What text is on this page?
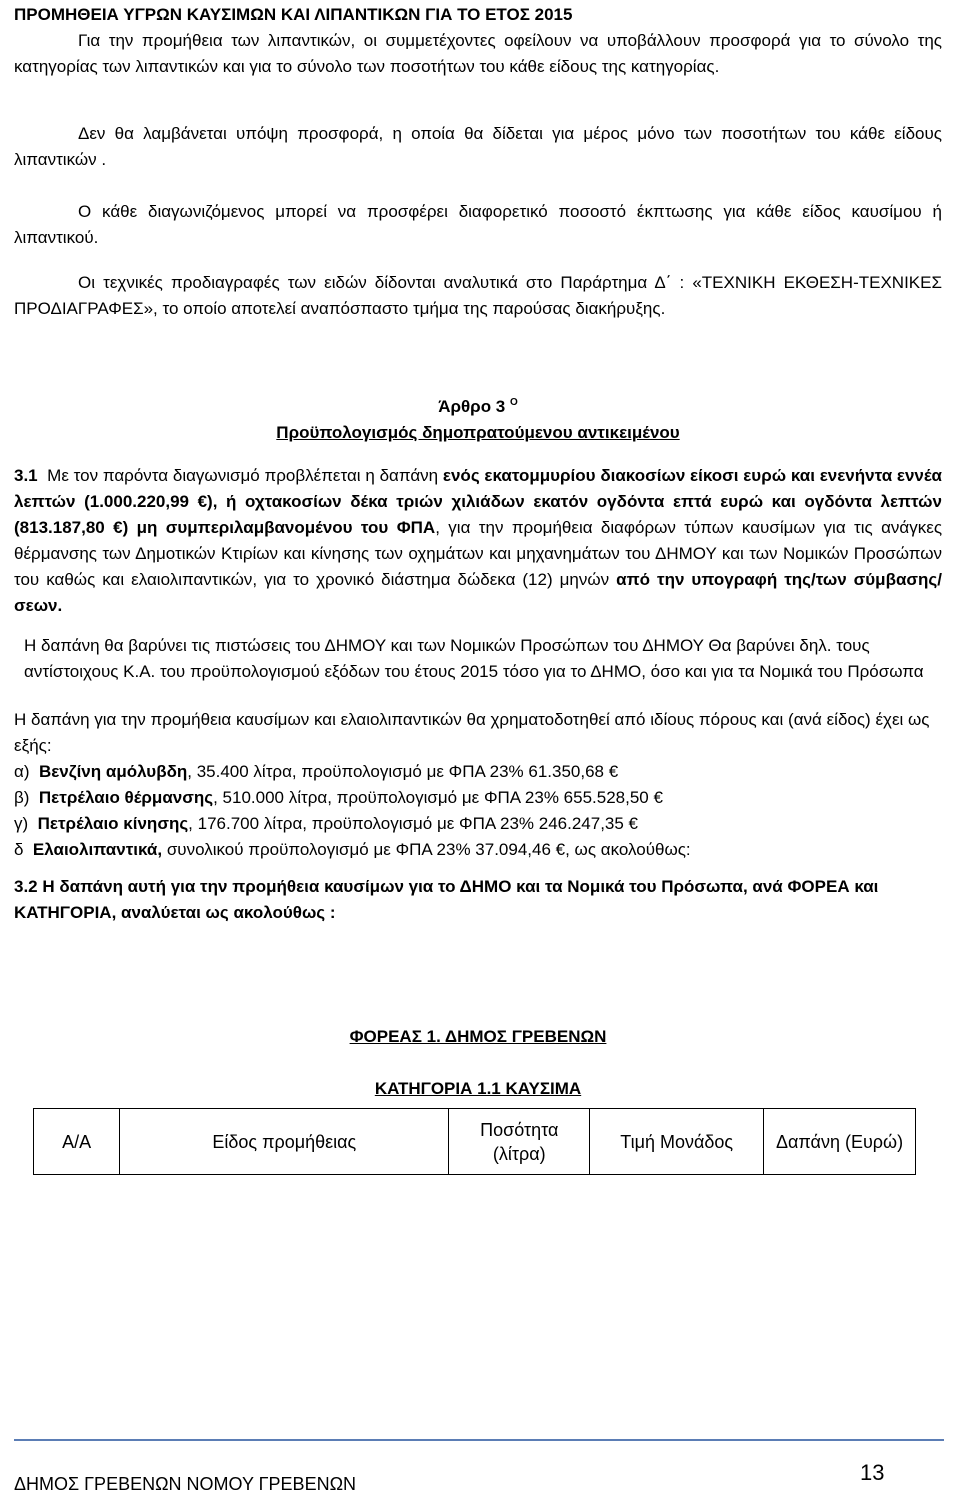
ΠΡΟΜΗΘΕΙΑ ΥΓΡΩΝ ΚΑΥΣΙΜΩΝ ΚΑΙ ΛΙΠΑΝΤΙΚΩΝ ΓΙΑ ΤΟ ΕΤΟΣ 2015
Για την προμήθεια των λιπαντικών, οι συμμετέχοντες οφείλουν να υποβάλλουν προσφορά για το σύνολο της κατηγορίας των λιπαντικών και για το σύνολο των ποσοτήτων του κάθε είδους της κατηγορίας.
Δεν θα λαμβάνεται υπόψη προσφορά, η οποία θα δίδεται για μέρος μόνο των ποσοτήτων του κάθε είδους λιπαντικών .
Ο κάθε διαγωνιζόμενος μπορεί να προσφέρει διαφορετικό ποσοστό έκπτωσης για κάθε είδος καυσίμου ή λιπαντικού.
Οι τεχνικές προδιαγραφές των ειδών δίδονται αναλυτικά στο Παράρτημα Δ΄ : «ΤΕΧΝΙΚΗ ΕΚΘΕΣΗ-ΤΕΧΝΙΚΕΣ ΠΡΟΔΙΑΓΡΑΦΕΣ», το οποίο αποτελεί αναπόσπαστο τμήμα της παρούσας διακήρυξης.
Άρθρο 3 $^O$
Προϋπολογισμός δημοπρατούμενου αντικειμένου
3.1 Με τον παρόντα διαγωνισμό προβλέπεται η δαπάνη ενός εκατομμυρίου διακοσίων είκοσι ευρώ και ενενήντα εννέα λεπτών (1.000.220,99 €), ή οχτακοσίων δέκα τριών χιλιάδων εκατόν ογδόντα επτά ευρώ και ογδόντα λεπτών (813.187,80 €) μη συμπεριλαμβανομένου του ΦΠΑ, για την προμήθεια διαφόρων τύπων καυσίμων για τις ανάγκες θέρμανσης των Δημοτικών Κτιρίων και κίνησης των οχημάτων και μηχανημάτων του ΔΗΜΟΥ και των Νομικών Προσώπων του καθώς και ελαιολιπαντικών, για το χρονικό διάστημα δώδεκα (12) μηνών από την υπογραφή της/των σύμβασης/σεων.
Η δαπάνη θα βαρύνει τις πιστώσεις του ΔΗΜΟΥ και των Νομικών Προσώπων του ΔΗΜΟΥ Θα βαρύνει δηλ. τους αντίστοιχους Κ.Α. του προϋπολογισμού εξόδων του έτους 2015 τόσο για το ΔΗΜΟ, όσο και για τα Νομικά του Πρόσωπα
Η δαπάνη για την προμήθεια καυσίμων και ελαιολιπαντικών θα χρηματοδοτηθεί από ιδίους πόρους και (ανά είδος) έχει ως εξής:
α) Βενζίνη αμόλυβδη, 35.400 λίτρα, προϋπολογισμό με ΦΠΑ 23% 61.350,68 €
β) Πετρέλαιο θέρμανσης, 510.000 λίτρα, προϋπολογισμό με ΦΠΑ 23% 655.528,50 €
γ) Πετρέλαιο κίνησης, 176.700 λίτρα, προϋπολογισμό με ΦΠΑ 23% 246.247,35 €
δ Ελαιολιπαντικά, συνολικού προϋπολογισμό με ΦΠΑ 23% 37.094,46 €, ως ακολούθως:
3.2 Η δαπάνη αυτή για την προμήθεια καυσίμων για το ΔΗΜΟ και τα Νομικά του Πρόσωπα, ανά ΦΟΡΕΑ και ΚΑΤΗΓΟΡΙΑ, αναλύεται ως ακολούθως :
ΦΟΡΕΑΣ 1. ΔΗΜΟΣ ΓΡΕΒΕΝΩΝ
ΚΑΤΗΓΟΡΙΑ 1.1 ΚΑΥΣΙΜΑ
Α/Α	Είδος προμήθειας	Ποσότητα (λίτρα)	Τιμή Μονάδος	Δαπάνη (Ευρώ)
ΔΗΜΟΣ ΓΡΕΒΕΝΩΝ ΝΟΜΟΥ ΓΡΕΒΕΝΩΝ	13
